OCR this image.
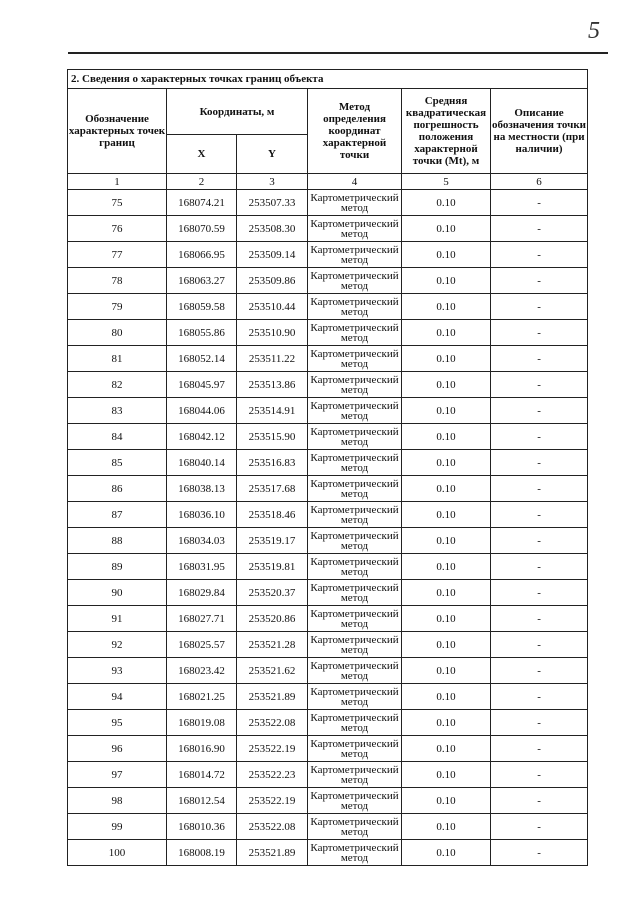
5
2. Сведения о характерных точках границ объекта					
Обозначение характерных точек границ	Координаты, м		Метод определения координат характерной точки	Средняя квадратическая погрешность положения характерной точки (Mt), м	Описание обозначения точки на местности (при наличии)
	X	Y			
1	2	3	4	5	6
75	168074.21	253507.33	Картометрический метод	0.10	-
76	168070.59	253508.30	Картометрический метод	0.10	-
77	168066.95	253509.14	Картометрический метод	0.10	-
78	168063.27	253509.86	Картометрический метод	0.10	-
79	168059.58	253510.44	Картометрический метод	0.10	-
80	168055.86	253510.90	Картометрический метод	0.10	-
81	168052.14	253511.22	Картометрический метод	0.10	-
82	168045.97	253513.86	Картометрический метод	0.10	-
83	168044.06	253514.91	Картометрический метод	0.10	-
84	168042.12	253515.90	Картометрический метод	0.10	-
85	168040.14	253516.83	Картометрический метод	0.10	-
86	168038.13	253517.68	Картометрический метод	0.10	-
87	168036.10	253518.46	Картометрический метод	0.10	-
88	168034.03	253519.17	Картометрический метод	0.10	-
89	168031.95	253519.81	Картометрический метод	0.10	-
90	168029.84	253520.37	Картометрический метод	0.10	-
91	168027.71	253520.86	Картометрический метод	0.10	-
92	168025.57	253521.28	Картометрический метод	0.10	-
93	168023.42	253521.62	Картометрический метод	0.10	-
94	168021.25	253521.89	Картометрический метод	0.10	-
95	168019.08	253522.08	Картометрический метод	0.10	-
96	168016.90	253522.19	Картометрический метод	0.10	-
97	168014.72	253522.23	Картометрический метод	0.10	-
98	168012.54	253522.19	Картометрический метод	0.10	-
99	168010.36	253522.08	Картометрический метод	0.10	-
100	168008.19	253521.89	Картометрический метод	0.10	-
